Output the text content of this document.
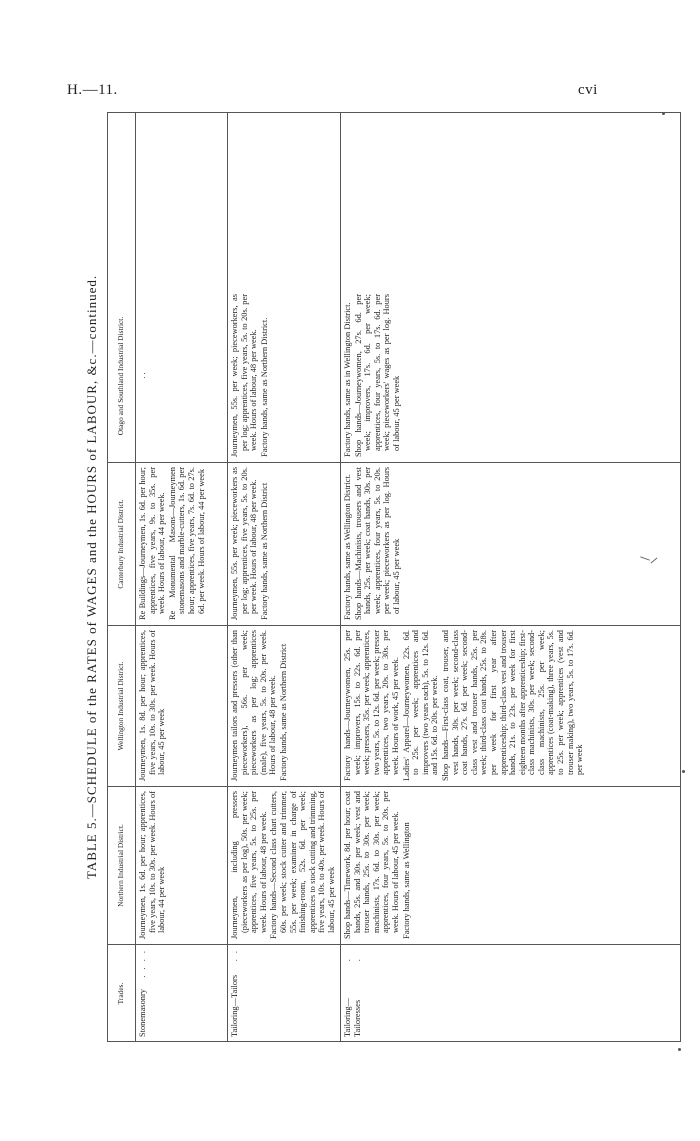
H.—11.	cvi
TABLE 5.—SCHEDULE of the RATES of WAGES and the HOURS of LABOUR, &c.—continued.
Trades.
Northern Industrial District.
Wellington Industrial District.
Canterbury Industrial District.
Otago and Southland Industrial District.
Stonemasonry
. . . .

Journeymen, 1s. 6d. per hour; apprentices, five years, 10s. to 30s. per week. Hours of labour, 44 per week

Journeymen, 1s. 8d. per hour; apprentices, five years, 10s. to 30s. per week. Hours of labour, 45 per week

Re Buildings—Journeymen, 1s. 6d. per hour; apprentices, five years, 9s. to 35s. per week. Hours of labour, 44 per week. Re Monumental Masons—Journeymen stonemasons and marble-cutters, 1s. 6d. per hour; apprentices, five years, 7s. 6d. to 27s. 6d. per week. Hours of labour, 44 per week

. .

Tailoring—Tailors
. .

Journeymen, including pressers (pieceworkers as per log), 50s. per week; apprentices, five years, 5s. to 25s. per week. Hours of labour, 48 per week. Factory hands—Second class chart cutters, 60s. per week; stock cutter and trimmer, 55s. per week; examiner in charge of finishing-room, 52s. 6d. per week; apprentices to stock cutting and trimming, five years, 10s. to 40s. per week. Hours of labour, 45 per week

Journeymen tailors and pressers (other than pieceworkers), 56s. per week; pieceworkers as per log; apprentices (male), five years, 5s. to 20s. per week. Hours of labour, 48 per week. Factory hands, same as Northern District

Journeymen, 55s. per week; pieceworkers as per log; apprentices, five years, 5s. to 20s. per week. Hours of labour, 48 per week. Factory hands, same as Northern District

Journeymen, 55s. per week; pieceworkers, as per log; apprentices, five years, 5s. to 20s. per week. Hours of labour, 48 per week. Factory hands, same as Northern District.

Tailoring—Tailoresses
. .

Shop hands—Timework, 8d. per hour; coat hands, 25s. and 30s. per week; vest and trouser hands, 25s. to 30s. per week; machinists, 17s. 6d. to 30s. per week; apprentices, four years, 5s. to 20s. per week. Hours of labour, 45 per week. Factory hands, same as Wellington

Factory hands—Journeywomen, 25s. per week; improvers, 15s. to 22s. 6d. per week; pressers, 35s. per week; apprentices, two years, 5s. to 12s. 6d. per week; presser apprentices, two years, 20s. to 30s. per week. Hours of work, 45 per week. Ladies' Apparel—Journeywomen, 22s. 6d. to 25s. per week; apprentices and improvers (two years each), 5s. to 12s. 6d. and 15s. 6d. to 20s. per week. Shop hands—First-class coat, trouser, and vest hands, 30s. per week; second-class coat hands, 27s. 6d. per week; second-class vest and trouser hands, 25s. per week; third-class coat hands, 25s. to 28s. per week for first year after apprenticeship; third-class vest and trouser hands, 21s. to 23s. per week for first eighteen months after apprenticeship; first-class machinists, 30s. per week; second-class machinists, 25s. per week; apprentices (coat-making), three years, 5s. to 25s. per week; apprentices (vest and trouser making), two years, 5s. to 17s. 6d. per week

Factory hands, same as Wellington District. Shop hands—Machinists, trousers and vest hands, 25s. per week; coat hands, 30s. per week; apprentices, four years, 5s. to 20s. per week; pieceworkers as per log. Hours of labour, 45 per week

Factory hands, same as in Wellington District. Shop hands—Journeywomen, 27s. 6d. per week; improvers, 17s. 6d. per week; apprentices, four years, 5s. to 17s. 6d. per week; pieceworkers' wages as per log. Hours of labour, 45 per week
